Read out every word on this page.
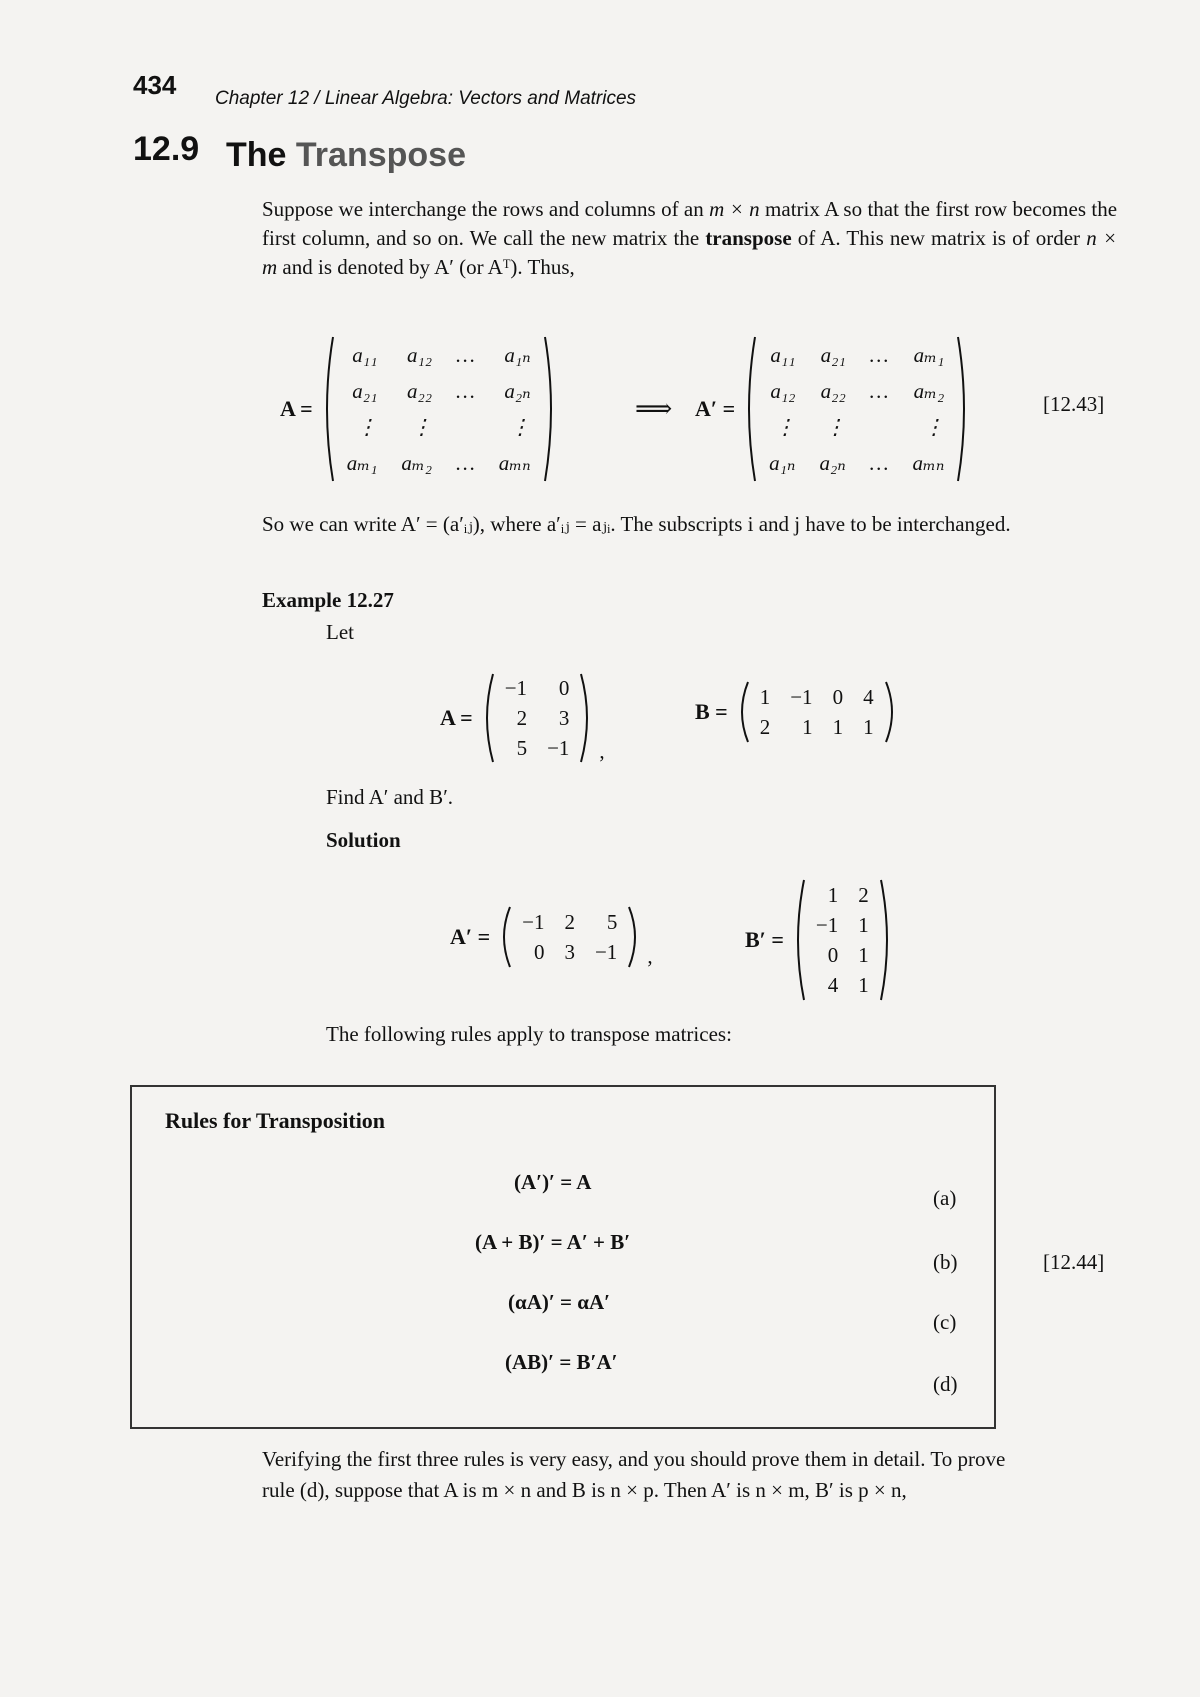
434 Chapter 12 / Linear Algebra: Vectors and Matrices
12.9 The Transpose
Suppose we interchange the rows and columns of an m × n matrix A so that the first row becomes the first column, and so on. We call the new matrix the transpose of A. This new matrix is of order n × m and is denoted by A′ (or Aᵀ). Thus,
A =
a₁₁	a₁₂	…	a₁ₙ
a₂₁	a₂₂	…	a₂ₙ
⋮	⋮		⋮
aₘ₁	aₘ₂	…	aₘₙ
⟹ A′ =
a₁₁	a₂₁	…	aₘ₁
a₁₂	a₂₂	…	aₘ₂
⋮	⋮		⋮
a₁ₙ	a₂ₙ	…	aₘₙ
[12.43]
So we can write A′ = (a′ᵢⱼ), where a′ᵢⱼ = aⱼᵢ. The subscripts i and j have to be interchanged.
Example 12.27
Let
A =
−1	0
2	3
5	−1 ,
B =
1	−1	0	4
2	1	1	1
Find A′ and B′.
Solution
A′ =
−1	2	5
0	3	−1 ,
B′ =
1	2
−1	1
0	1
4	1
The following rules apply to transpose matrices:
Rules for Transposition
(A′)′ = A
(a)
(A + B)′ = A′ + B′
(b)
(αA)′ = αA′
(c)
(AB)′ = B′A′
(d)
[12.44]
Verifying the first three rules is very easy, and you should prove them in detail. To prove
rule (d), suppose that A is m × n and B is n × p. Then A′ is n × m, B′ is p × n,
